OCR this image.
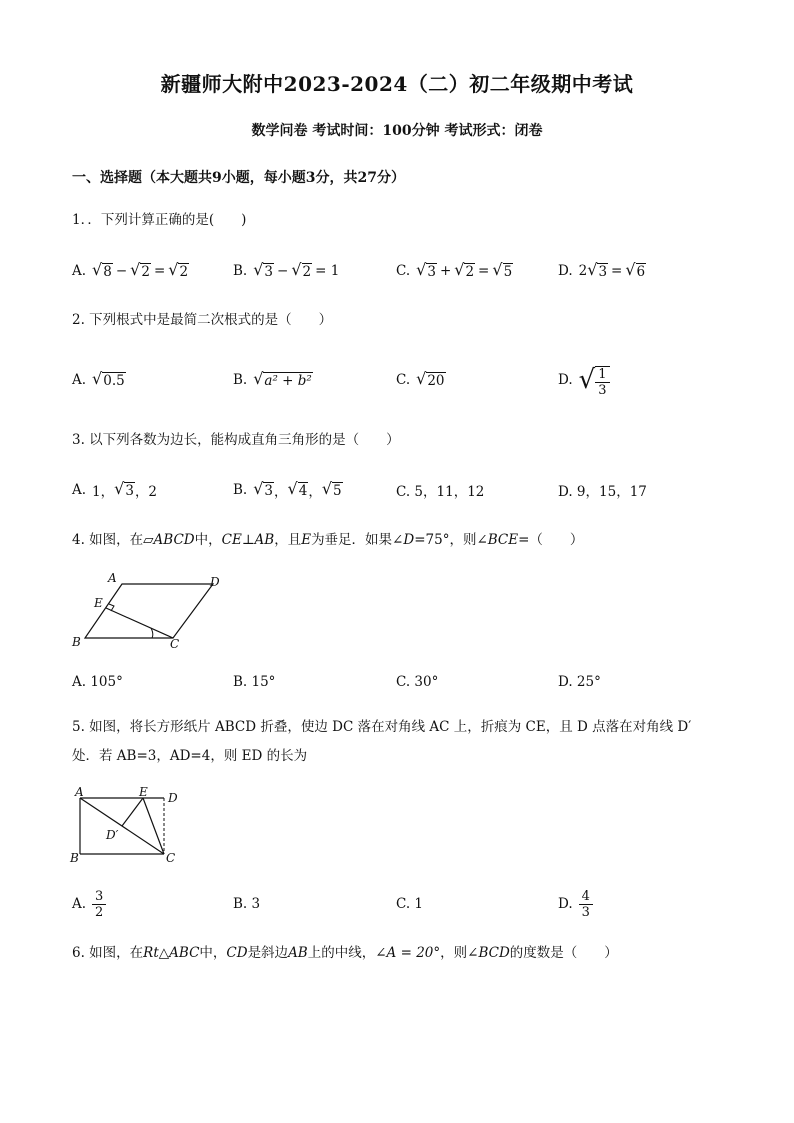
新疆师大附中2023-2024（二）初二年级期中考试
数学问卷 考试时间：100分钟 考试形式：闭卷
一、选择题（本大题共9小题，每小题3分，共27分）
1．．下列计算正确的是(　　)
A. √ 8 − √ 2 = √ 2	B. √ 3 − √ 2 = 1	C. √ 3 + √ 2 = √ 5	D. 2 √ 3 = √ 6
2. 下列根式中是最简二次根式的是（　　）
A. √ 0.5	B. √ a² + b²	C. √ 20	D. √ $\frac{1}{3}$
3. 以下列各数为边长，能构成直角三角形的是（　　）
A. 1， √ 3 ，2	B. √ 3 ， √ 4 ， √ 5	C. 5，11，12	D. 9，15，17
4. 如图，在▱ABCD中，CE⊥AB，且E为垂足．如果∠D=75°，则∠BCE=（　　）
A	D
E
B	C
A. 105°	B. 15°	C. 30°	D. 25°
5. 如图，将长方形纸片 ABCD 折叠，使边 DC 落在对角线 AC 上，折痕为 CE，且 D 点落在对角线 D′
处．若 AB=3，AD=4，则 ED 的长为
A	E D
D′
B	C
A. $\frac{3}{2}$	B. 3	C. 1	D. $\frac{4}{3}$
6. 如图，在Rt△ABC中，CD是斜边AB上的中线，∠A = 20°，则∠BCD的度数是（　　）
